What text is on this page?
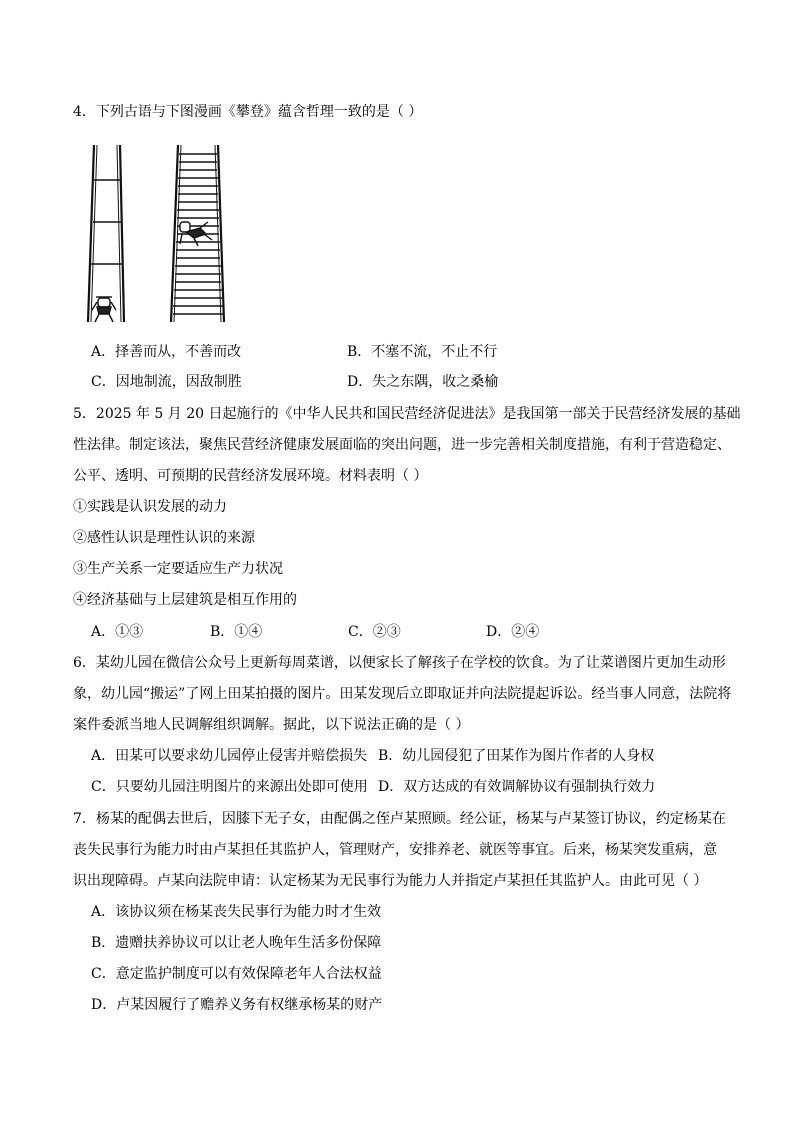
4．下列古语与下图漫画《攀登》蕴含哲理一致的是（ ）
A．择善而从，不善而改	B．不塞不流，不止不行
C．因地制流，因敌制胜	D．失之东隅，收之桑榆
5．2025 年 5 月 20 日起施行的《中华人民共和国民营经济促进法》是我国第一部关于民营经济发展的基础
性法律。制定该法，聚焦民营经济健康发展面临的突出问题，进一步完善相关制度措施，有利于营造稳定、
公平、透明、可预期的民营经济发展环境。材料表明（ ）
①实践是认识发展的动力
②感性认识是理性认识的来源
③生产关系一定要适应生产力状况
④经济基础与上层建筑是相互作用的
A．①③	B．①④	C．②③	D．②④
6．某幼儿园在微信公众号上更新每周菜谱，以便家长了解孩子在学校的饮食。为了让菜谱图片更加生动形
象，幼儿园“搬运”了网上田某拍摄的图片。田某发现后立即取证并向法院提起诉讼。经当事人同意，法院将
案件委派当地人民调解组织调解。据此，以下说法正确的是（ ）
A．田某可以要求幼儿园停止侵害并赔偿损失 B．幼儿园侵犯了田某作为图片作者的人身权
C．只要幼儿园注明图片的来源出处即可使用 D．双方达成的有效调解协议有强制执行效力
7．杨某的配偶去世后，因膝下无子女，由配偶之侄卢某照顾。经公证，杨某与卢某签订协议，约定杨某在
丧失民事行为能力时由卢某担任其监护人，管理财产，安排养老、就医等事宜。后来，杨某突发重病，意
识出现障碍。卢某向法院申请：认定杨某为无民事行为能力人并指定卢某担任其监护人。由此可见（ ）
A．该协议须在杨某丧失民事行为能力时才生效
B．遗赠扶养协议可以让老人晚年生活多份保障
C．意定监护制度可以有效保障老年人合法权益
D．卢某因履行了赡养义务有权继承杨某的财产
